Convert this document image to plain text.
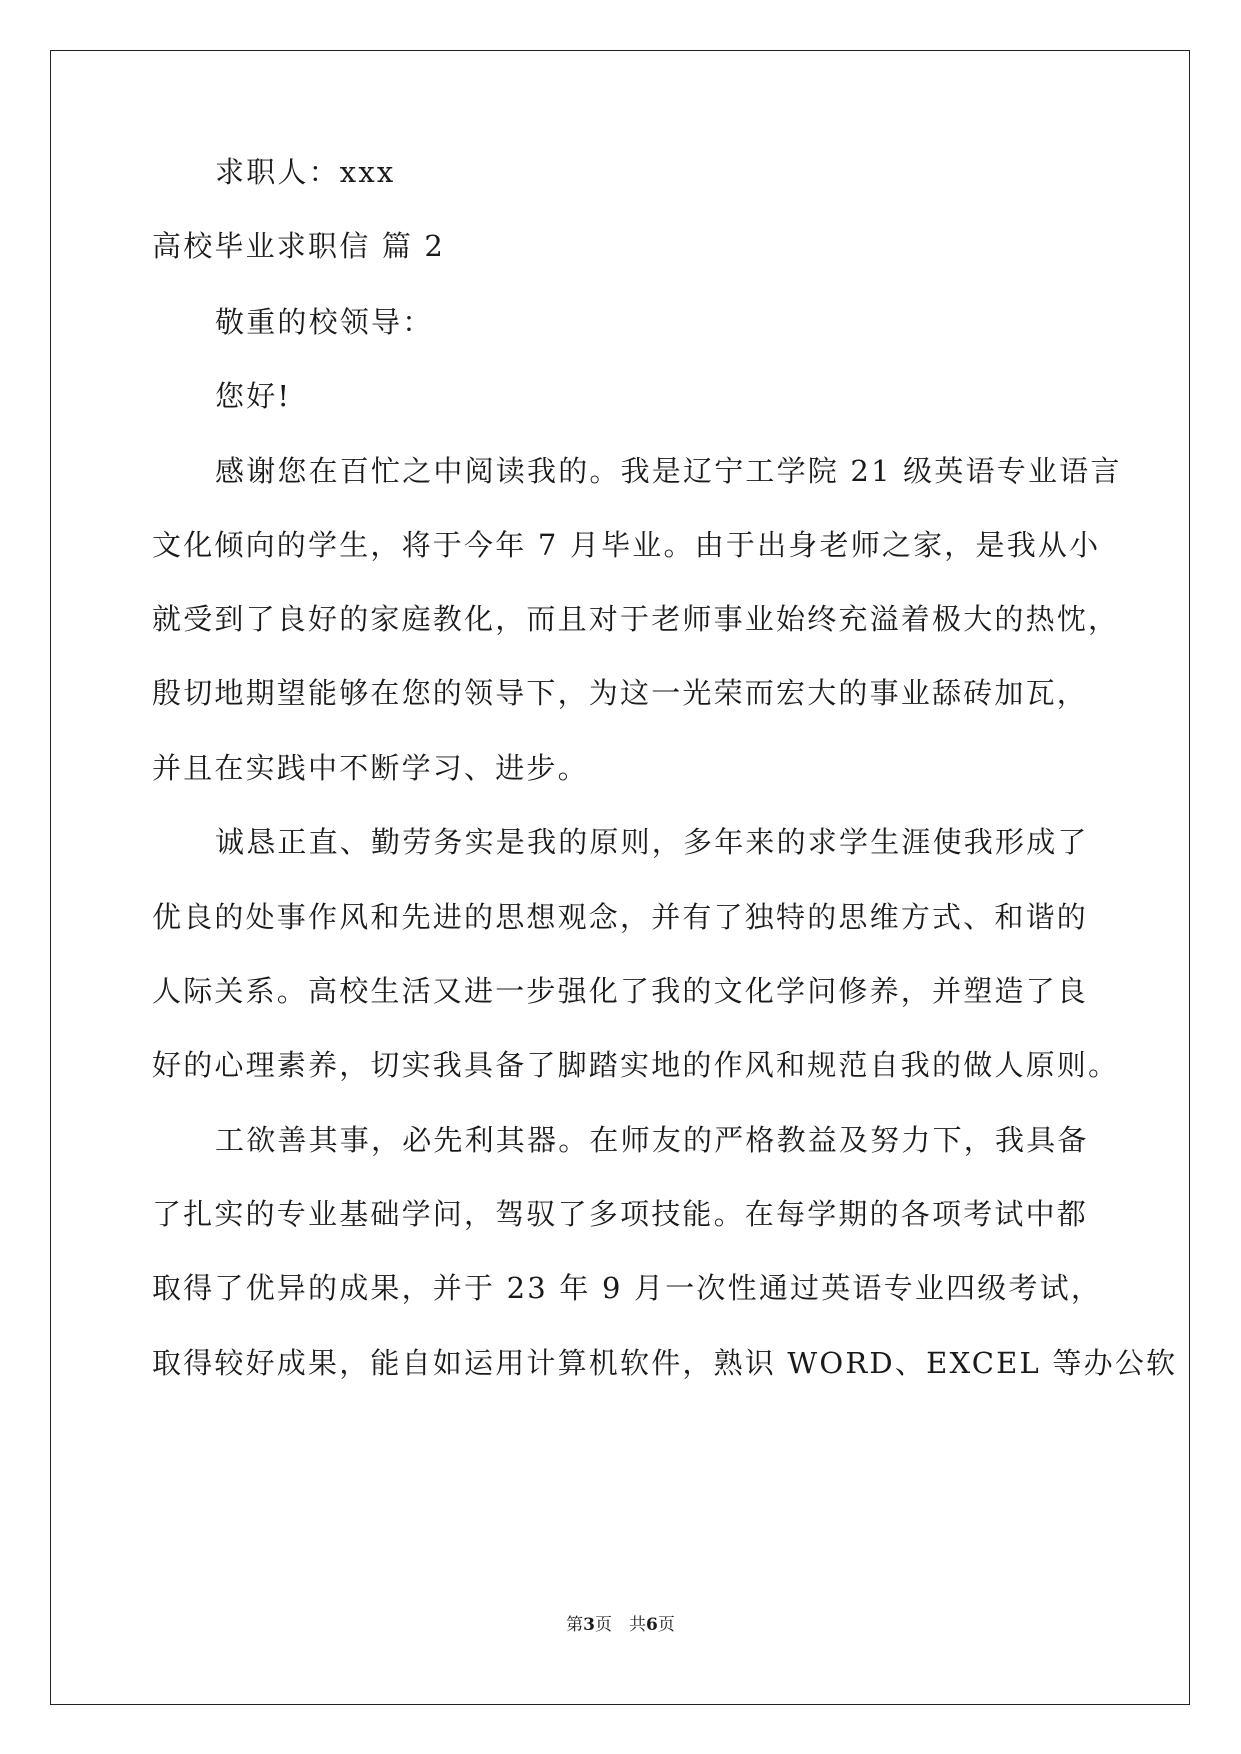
求职人：xxx
高校毕业求职信 篇 2
敬重的校领导：
您好!
感谢您在百忙之中阅读我的。我是辽宁工学院 21 级英语专业语言
文化倾向的学生，将于今年 7 月毕业。由于出身老师之家，是我从小
就受到了良好的家庭教化，而且对于老师事业始终充溢着极大的热忱，
殷切地期望能够在您的领导下，为这一光荣而宏大的事业舔砖加瓦，
并且在实践中不断学习、进步。
诚恳正直、勤劳务实是我的原则，多年来的求学生涯使我形成了
优良的处事作风和先进的思想观念，并有了独特的思维方式、和谐的
人际关系。高校生活又进一步强化了我的文化学问修养，并塑造了良
好的心理素养，切实我具备了脚踏实地的作风和规范自我的做人原则。
工欲善其事，必先利其器。在师友的严格教益及努力下，我具备
了扎实的专业基础学问，驾驭了多项技能。在每学期的各项考试中都
取得了优异的成果，并于 23 年 9 月一次性通过英语专业四级考试，
取得较好成果，能自如运用计算机软件，熟识 WORD、EXCEL 等办公软
第3页　共6页
